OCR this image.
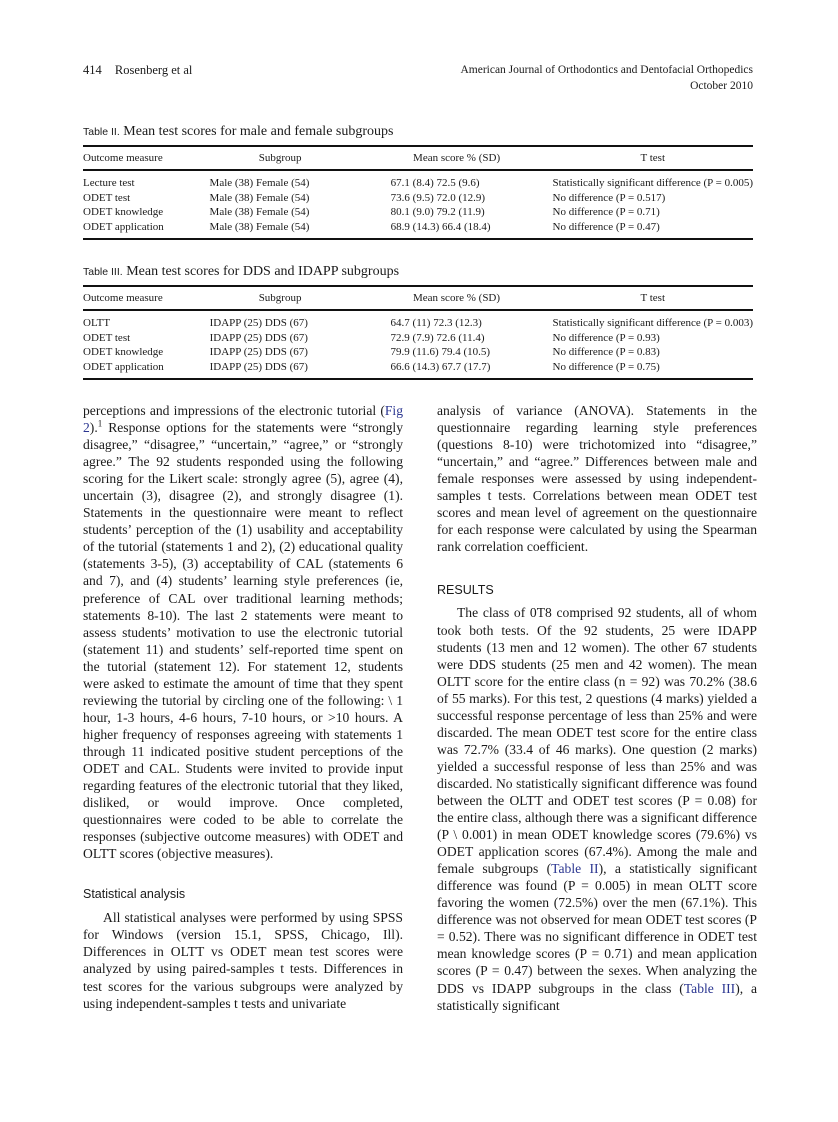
414 Rosenberg et al	American Journal of Orthodontics and Dentofacial Orthopedics
October 2010
Table II. Mean test scores for male and female subgroups
Outcome measure	Subgroup	Mean score % (SD)	T test
Lecture test	Male (38) Female (54)	67.1 (8.4) 72.5 (9.6)	Statistically significant difference (P = 0.005)
ODET test	Male (38) Female (54)	73.6 (9.5) 72.0 (12.9)	No difference (P = 0.517)
ODET knowledge	Male (38) Female (54)	80.1 (9.0) 79.2 (11.9)	No difference (P = 0.71)
ODET application	Male (38) Female (54)	68.9 (14.3) 66.4 (18.4)	No difference (P = 0.47)
Table III. Mean test scores for DDS and IDAPP subgroups
Outcome measure	Subgroup	Mean score % (SD)	T test
OLTT	IDAPP (25) DDS (67)	64.7 (11) 72.3 (12.3)	Statistically significant difference (P = 0.003)
ODET test	IDAPP (25) DDS (67)	72.9 (7.9) 72.6 (11.4)	No difference (P = 0.93)
ODET knowledge	IDAPP (25) DDS (67)	79.9 (11.6) 79.4 (10.5)	No difference (P = 0.83)
ODET application	IDAPP (25) DDS (67)	66.6 (14.3) 67.7 (17.7)	No difference (P = 0.75)

perceptions and impressions of the electronic tutorial (Fig 2).$^1$ Response options for the statements were “strongly disagree,” “disagree,” “uncertain,” “agree,” or “strongly agree.” The 92 students responded using the following scoring for the Likert scale: strongly agree (5), agree (4), uncertain (3), disagree (2), and strongly disagree (1). Statements in the questionnaire were meant to reflect students’ perception of the (1) usability and acceptability of the tutorial (statements 1 and 2), (2) educational quality (statements 3-5), (3) acceptability of CAL (statements 6 and 7), and (4) students’ learning style preferences (ie, preference of CAL over traditional learning methods; statements 8-10). The last 2 statements were meant to assess students’ motivation to use the electronic tutorial (statement 11) and students’ self-reported time spent on the tutorial (statement 12). For statement 12, students were asked to estimate the amount of time that they spent reviewing the tutorial by circling one of the following: \ 1 hour, 1-3 hours, 4-6 hours, 7-10 hours, or >10 hours. A higher frequency of responses agreeing with statements 1 through 11 indicated positive student perceptions of the ODET and CAL. Students were invited to provide input regarding features of the electronic tutorial that they liked, disliked, or would improve. Once completed, questionnaires were coded to be able to correlate the responses (subjective outcome measures) with ODET and OLTT scores (objective measures).

Statistical analysis

All statistical analyses were performed by using SPSS for Windows (version 15.1, SPSS, Chicago, Ill). Differences in OLTT vs ODET mean test scores were analyzed by using paired-samples t tests. Differences in test scores for the various subgroups were analyzed by using independent-samples t tests and univariate

analysis of variance (ANOVA). Statements in the questionnaire regarding learning style preferences (questions 8-10) were trichotomized into “disagree,” “uncertain,” and “agree.” Differences between male and female responses were assessed by using independent-samples t tests. Correlations between mean ODET test scores and mean level of agreement on the questionnaire for each response were calculated by using the Spearman rank correlation coefficient.

RESULTS

The class of 0T8 comprised 92 students, all of whom took both tests. Of the 92 students, 25 were IDAPP students (13 men and 12 women). The other 67 students were DDS students (25 men and 42 women). The mean OLTT score for the entire class (n = 92) was 70.2% (38.6 of 55 marks). For this test, 2 questions (4 marks) yielded a successful response percentage of less than 25% and were discarded. The mean ODET test score for the entire class was 72.7% (33.4 of 46 marks). One question (2 marks) yielded a successful response of less than 25% and was discarded. No statistically significant difference was found between the OLTT and ODET test scores (P = 0.08) for the entire class, although there was a significant difference (P \ 0.001) in mean ODET knowledge scores (79.6%) vs ODET application scores (67.4%). Among the male and female subgroups (Table II), a statistically significant difference was found (P = 0.005) in mean OLTT score favoring the women (72.5%) over the men (67.1%). This difference was not observed for mean ODET test scores (P = 0.52). There was no significant difference in ODET test mean knowledge scores (P = 0.71) and mean application scores (P = 0.47) between the sexes. When analyzing the DDS vs IDAPP subgroups in the class (Table III), a statistically significant
